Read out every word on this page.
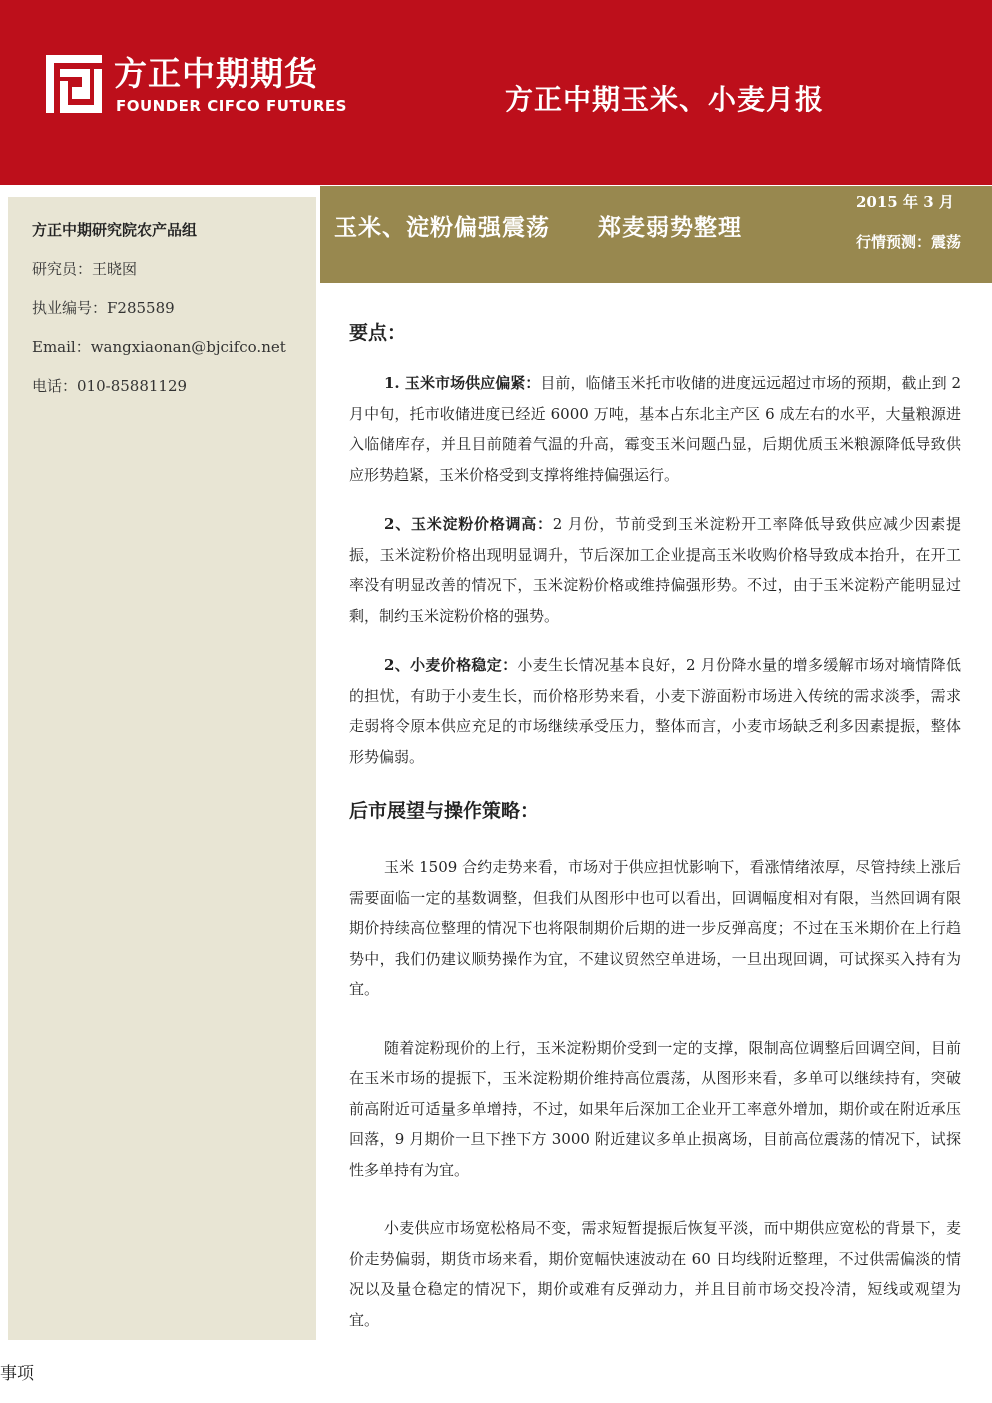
方正中期期货
FOUNDER CIFCO FUTURES	方正中期玉米、小麦月报
方正中期研究院农产品组
研究员：王晓囡
执业编号：F285589
Email：wangxiaonan@bjcifco.net
电话：010-85881129
玉米、淀粉偏强震荡　　郑麦弱势整理
2015 年 3 月
行情预测：震荡
要点：

1. 玉米市场供应偏紧：目前，临储玉米托市收储的进度远远超过市场的预期，截止到 2 月中旬，托市收储进度已经近 6000 万吨，基本占东北主产区 6 成左右的水平，大量粮源进入临储库存，并且目前随着气温的升高，霉变玉米问题凸显，后期优质玉米粮源降低导致供应形势趋紧，玉米价格受到支撑将维持偏强运行。

2、玉米淀粉价格调高：2 月份，节前受到玉米淀粉开工率降低导致供应减少因素提振，玉米淀粉价格出现明显调升，节后深加工企业提高玉米收购价格导致成本抬升，在开工率没有明显改善的情况下，玉米淀粉价格或维持偏强形势。不过，由于玉米淀粉产能明显过剩，制约玉米淀粉价格的强势。

2、小麦价格稳定：小麦生长情况基本良好，2 月份降水量的增多缓解市场对墒情降低的担忧，有助于小麦生长，而价格形势来看，小麦下游面粉市场进入传统的需求淡季，需求走弱将令原本供应充足的市场继续承受压力，整体而言，小麦市场缺乏利多因素提振，整体形势偏弱。

后市展望与操作策略：

玉米 1509 合约走势来看，市场对于供应担忧影响下，看涨情绪浓厚，尽管持续上涨后需要面临一定的基数调整，但我们从图形中也可以看出，回调幅度相对有限，当然回调有限期价持续高位整理的情况下也将限制期价后期的进一步反弹高度；不过在玉米期价在上行趋势中，我们仍建议顺势操作为宜，不建议贸然空单进场，一旦出现回调，可试探买入持有为宜。

随着淀粉现价的上行，玉米淀粉期价受到一定的支撑，限制高位调整后回调空间，目前在玉米市场的提振下，玉米淀粉期价维持高位震荡，从图形来看，多单可以继续持有，突破前高附近可适量多单增持，不过，如果年后深加工企业开工率意外增加，期价或在附近承压回落，9 月期价一旦下挫下方 3000 附近建议多单止损离场，目前高位震荡的情况下，试探性多单持有为宜。

小麦供应市场宽松格局不变，需求短暂提振后恢复平淡，而中期供应宽松的背景下，麦价走势偏弱，期货市场来看，期价宽幅快速波动在 60 日均线附近整理，不过供需偏淡的情况以及量仓稳定的情况下，期价或难有反弹动力，并且目前市场交投冷清，短线或观望为宜。

事项
